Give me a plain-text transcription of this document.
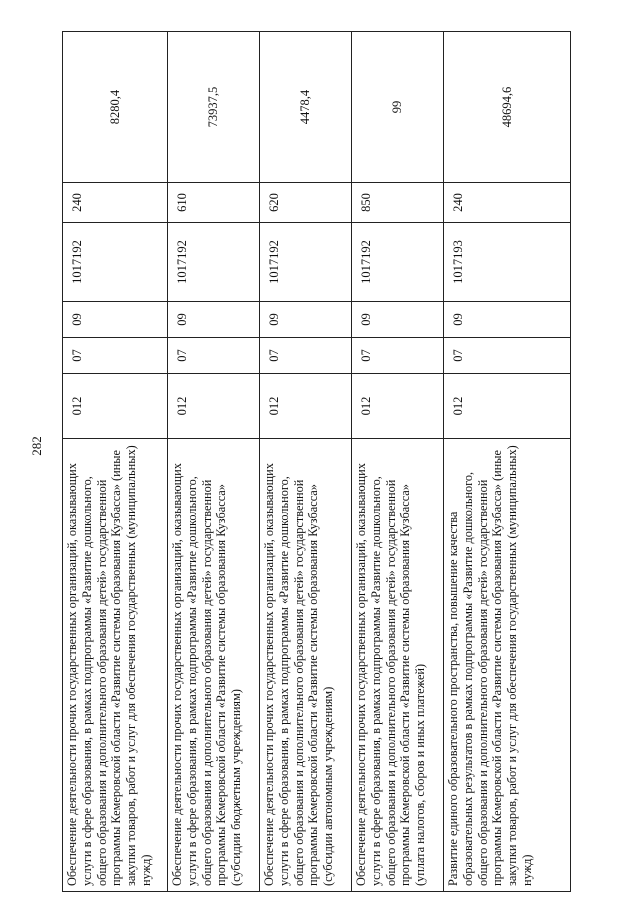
282
Обеспечение деятельности прочих государственных организаций, оказывающих услуги в сфере образования, в рамках подпрограммы «Развитие дошкольного, общего образования и дополнительного образования детей» государственной программы Кемеровской области «Развитие системы образования Кузбасса» (иные закупки товаров, работ и услуг для обеспечения государственных (муниципальных) нужд)	012	07	09	1017192	240	8280,4
Обеспечение деятельности прочих государственных организаций, оказывающих услуги в сфере образования, в рамках подпрограммы «Развитие дошкольного, общего образования и дополнительного образования детей» государственной программы Кемеровской области «Развитие системы образования Кузбасса» (субсидии бюджетным учреждениям)	012	07	09	1017192	610	73937,5
Обеспечение деятельности прочих государственных организаций, оказывающих услуги в сфере образования, в рамках подпрограммы «Развитие дошкольного, общего образования и дополнительного образования детей» государственной программы Кемеровской области «Развитие системы образования Кузбасса» (субсидии автономным учреждениям)	012	07	09	1017192	620	4478,4
Обеспечение деятельности прочих государственных организаций, оказывающих услуги в сфере образования, в рамках подпрограммы «Развитие дошкольного, общего образования и дополнительного образования детей» государственной программы Кемеровской области «Развитие системы образования Кузбасса» (уплата налогов, сборов и иных платежей)	012	07	09	1017192	850	99
Развитие единого образовательного пространства, повышение качества образовательных результатов в рамках подпрограммы «Развитие дошкольного, общего образования и дополнительного образования детей» государственной программы Кемеровской области «Развитие системы образования Кузбасса» (иные закупки товаров, работ и услуг для обеспечения государственных (муниципальных) нужд)	012	07	09	1017193	240	48694,6
